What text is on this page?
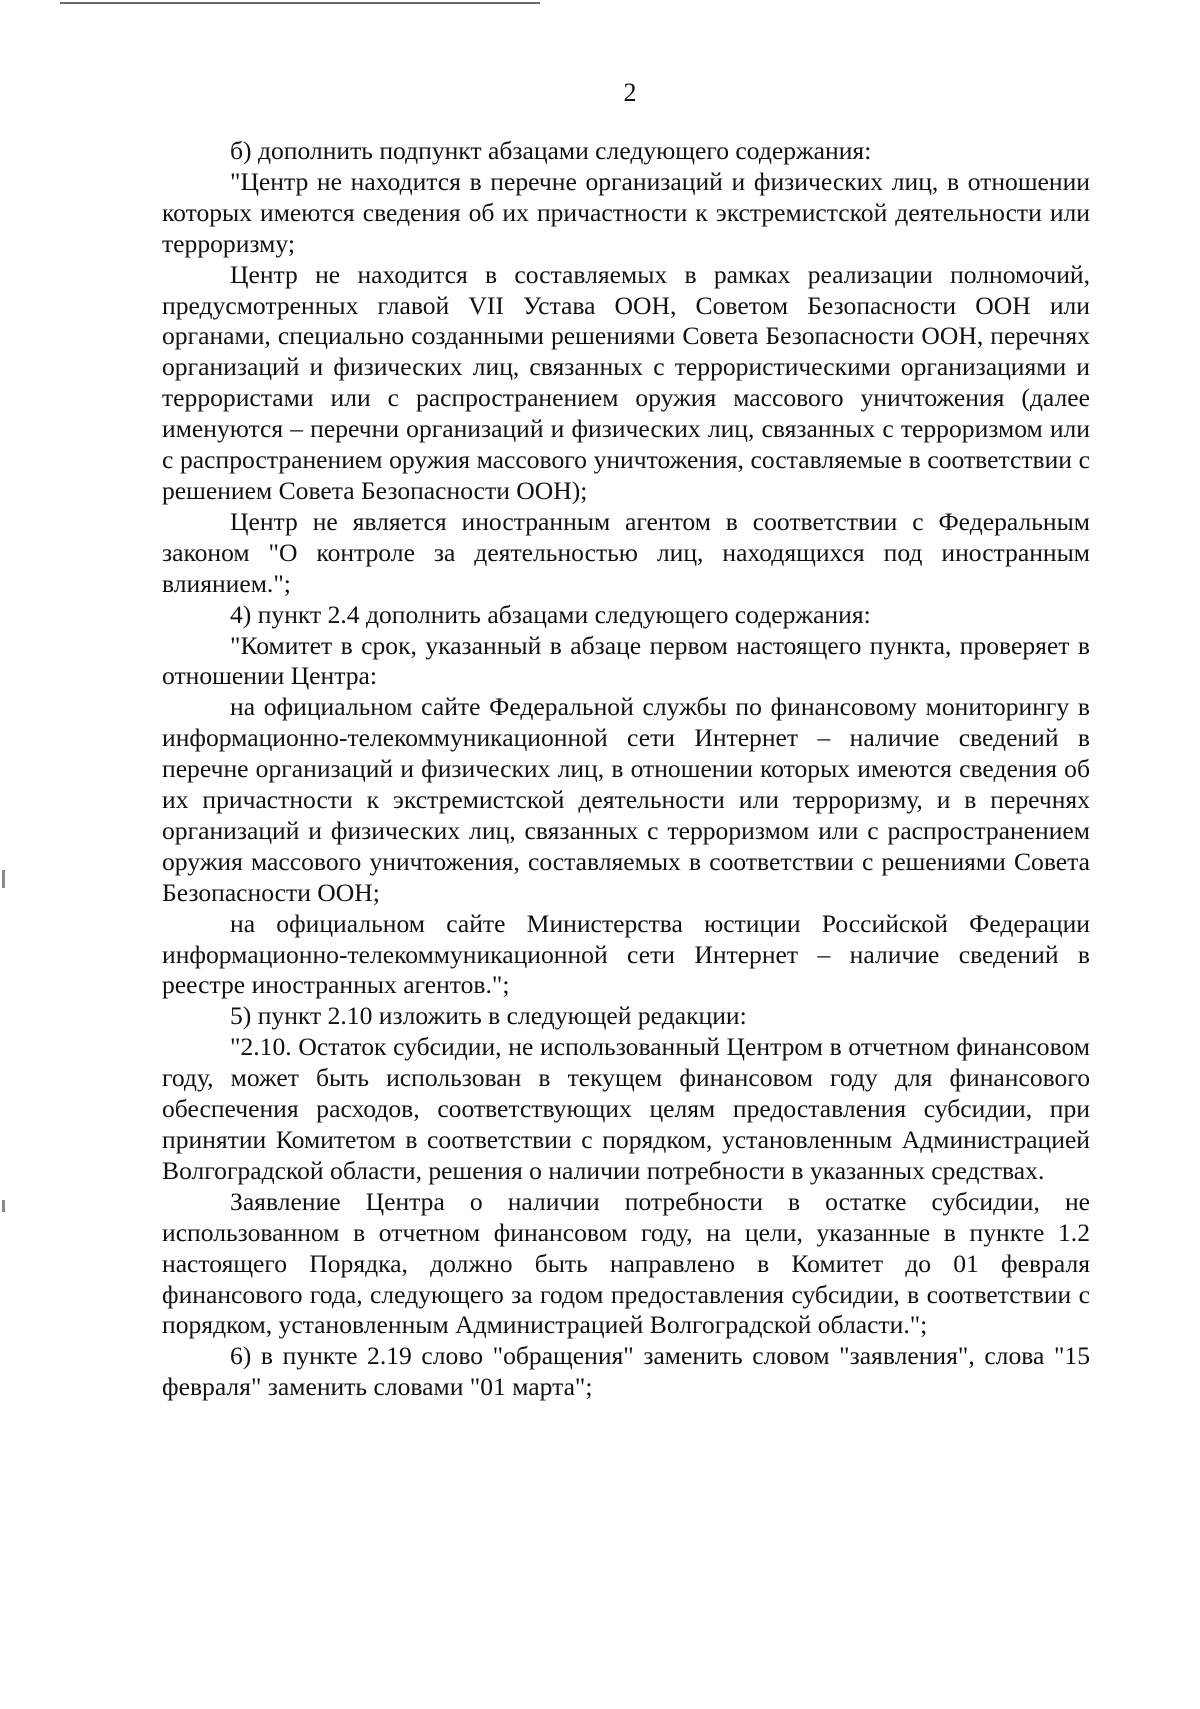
2

б) дополнить подпункт абзацами следующего содержания:

"Центр не находится в перечне организаций и физических лиц, в отношении которых имеются сведения об их причастности к экстремистской деятельности или терроризму;

Центр не находится в составляемых в рамках реализации полномочий, предусмотренных главой VII Устава ООН, Советом Безопасности ООН или органами, специально созданными решениями Совета Безопасности ООН, перечнях организаций и физических лиц, связанных с террористическими организациями и террористами или с распространением оружия массового уничтожения (далее именуются – перечни организаций и физических лиц, связанных с терроризмом или с распространением оружия массового уничтожения, составляемые в соответствии с решением Совета Безопасности ООН);

Центр не является иностранным агентом в соответствии с Федеральным законом "О контроле за деятельностью лиц, находящихся под иностранным влиянием.";

4) пункт 2.4 дополнить абзацами следующего содержания:

"Комитет в срок, указанный в абзаце первом настоящего пункта, проверяет в отношении Центра:

на официальном сайте Федеральной службы по финансовому мониторингу в информационно-телекоммуникационной сети Интернет – наличие сведений в перечне организаций и физических лиц, в отношении которых имеются сведения об их причастности к экстремистской деятельности или терроризму, и в перечнях организаций и физических лиц, связанных с терроризмом или с распространением оружия массового уничтожения, составляемых в соответствии с решениями Совета Безопасности ООН;

на официальном сайте Министерства юстиции Российской Федерации информационно-телекоммуникационной сети Интернет – наличие сведений в реестре иностранных агентов.";

5) пункт 2.10 изложить в следующей редакции:

"2.10. Остаток субсидии, не использованный Центром в отчетном финансовом году, может быть использован в текущем финансовом году для финансового обеспечения расходов, соответствующих целям предоставления субсидии, при принятии Комитетом в соответствии с порядком, установленным Администрацией Волгоградской области, решения о наличии потребности в указанных средствах.

Заявление Центра о наличии потребности в остатке субсидии, не использованном в отчетном финансовом году, на цели, указанные в пункте 1.2 настоящего Порядка, должно быть направлено в Комитет до 01 февраля финансового года, следующего за годом предоставления субсидии, в соответствии с порядком, установленным Администрацией Волгоградской области.";

6) в пункте 2.19 слово "обращения" заменить словом "заявления", слова "15 февраля" заменить словами "01 марта";
